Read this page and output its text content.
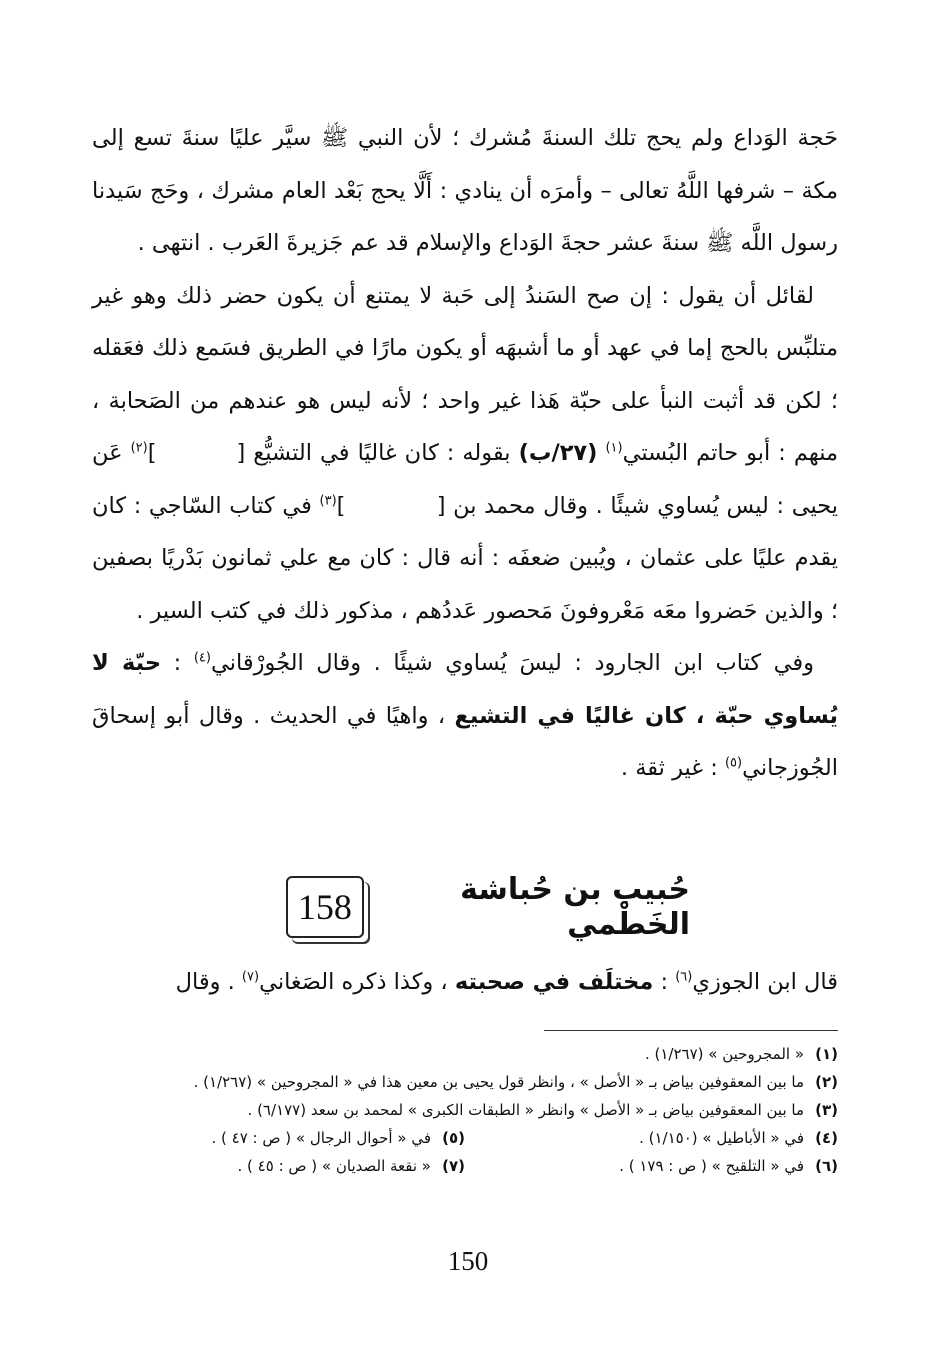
حَجة الوَداع ولم يحج تلك السنةَ مُشرك ؛ لأن النبي ﷺ سيَّر عليًا سنةَ تسع إلى مكة – شرفها اللَّهُ تعالى – وأمرَه أن ينادي : أَلَّا يحج بَعْد العام مشرك ، وحَج سَيدنا رسول اللَّه ﷺ سنةَ عشر حجةَ الوَداع والإسلام قد عم جَزيرةَ العَرب . انتهى .

لقائل أن يقول : إن صح السَندُ إلى حَبة لا يمتنع أن يكون حضر ذلك وهو غير متلبِّس بالحج إما في عهد أو ما أشبهَه أو يكون مارًا في الطريق فسَمع ذلك فعَقله ؛ لكن قد أثبت النبأ على حبّة هَذا غير واحد ؛ لأنه ليس هو عندهم من الصَحابة ، منهم : أبو حاتم البُستي$^{(١)}$ (٢٧/ب) بقوله : كان غاليًا في التشيُّع [          ]$^{(٢)}$ عَن يحيى : ليس يُساوي شيئًا . وقال محمد بن [            ]$^{(٣)}$ في كتاب السّاجي : كان يقدم عليًا على عثمان ، ويُبين ضعفَه : أنه قال : كان مع علي ثمانون بَدْريًا بصفين ؛ والذين حَضروا معَه مَعْروفونَ مَحصور عَددُهم ، مذكور ذلك في كتب السير .

وفي كتاب ابن الجارود : ليسَ يُساوي شيئًا . وقال الجُورْقاني$^{(٤)}$ : حبّة لا يُساوي حبّة ، كان غاليًا في التشيع ، واهيًا في الحديث . وقال أبو إسحاقَ الجُوزجاني$^{(٥)}$ : غير ثقة .

158	حُبيب بن حُباشة الخَطْمي
قال ابن الجوزي$^{(٦)}$ : مختلَف في صحبته ، وكذا ذكره الصَغاني$^{(٧)}$ . وقال
(١)
« المجروحين » (١/٢٦٧) .
(٢)
ما بين المعقوفين بياض بـ « الأصل » ، وانظر قول يحيى بن معين هذا في « المجروحين » (١/٢٦٧) .
(٣)
ما بين المعقوفين بياض بـ « الأصل » وانظر « الطبقات الكبرى » لمحمد بن سعد (٦/١٧٧) .
(٤)
في « الأباطيل » (١/١٥٠) .
(٥)
في « أحوال الرجال » ( ص : ٤٧ ) .
(٦)
في « التلقيح » ( ص : ١٧٩ ) .
(٧)
« نقعة الصديان » ( ص : ٤٥ ) .
150
